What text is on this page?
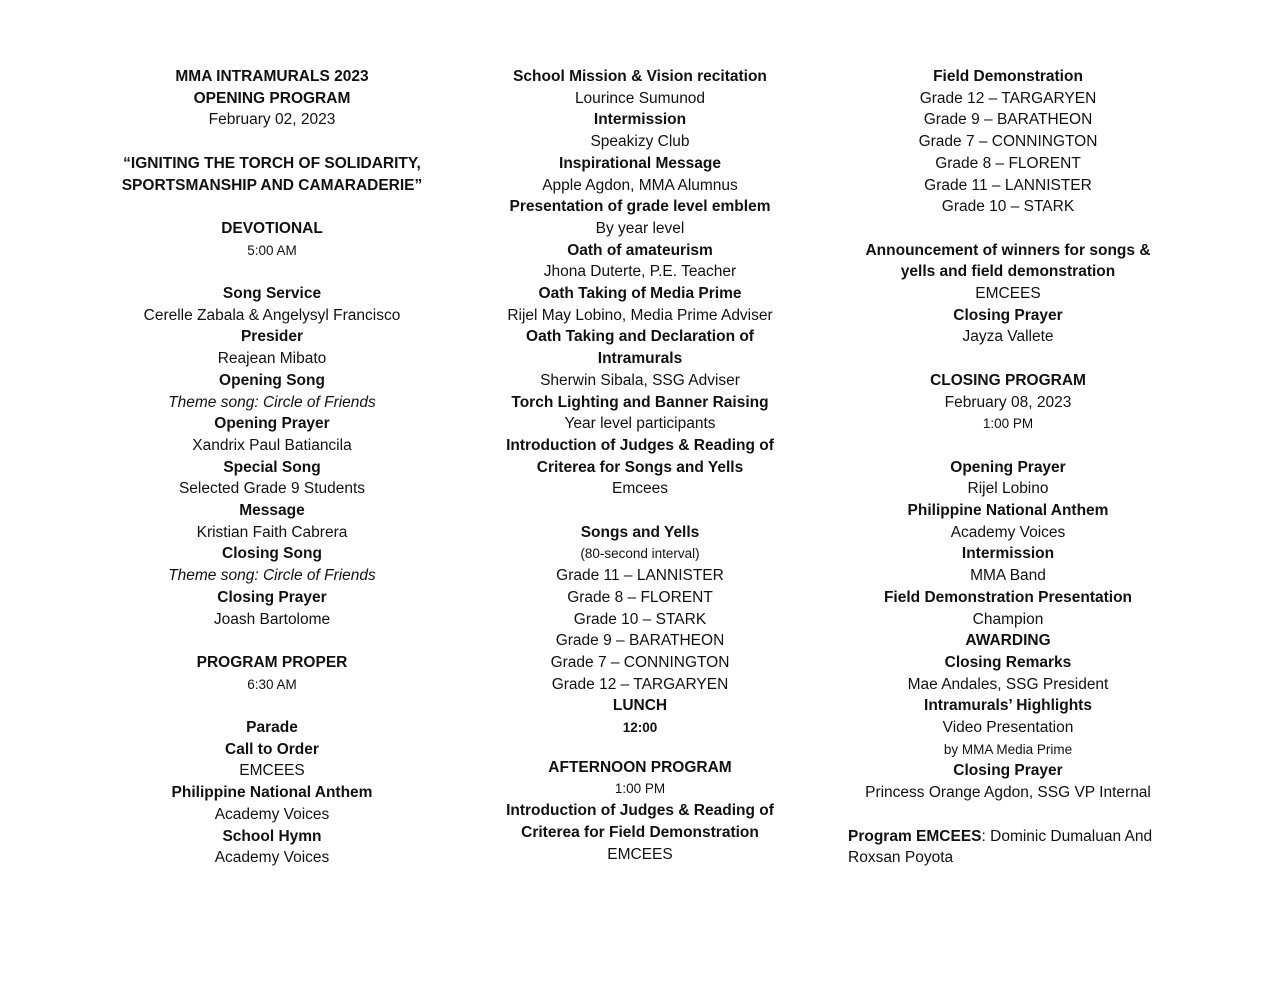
MMA INTRAMURALS 2023
OPENING PROGRAM
February 02, 2023
“IGNITING THE TORCH OF SOLIDARITY,
SPORTSMANSHIP AND CAMARADERIE”
DEVOTIONAL
5:00 AM
Song Service
Cerelle Zabala & Angelysyl Francisco
Presider
Reajean Mibato
Opening Song
Theme song: Circle of Friends
Opening Prayer
Xandrix Paul Batiancila
Special Song
Selected Grade 9 Students
Message
Kristian Faith Cabrera
Closing Song
Theme song: Circle of Friends
Closing Prayer
Joash Bartolome
PROGRAM PROPER
6:30 AM
Parade
Call to Order
EMCEES
Philippine National Anthem
Academy Voices
School Hymn
Academy Voices
School Mission & Vision recitation
Lourince Sumunod
Intermission
Speakizy Club
Inspirational Message
Apple Agdon, MMA Alumnus
Presentation of grade level emblem
By year level
Oath of amateurism
Jhona Duterte, P.E. Teacher
Oath Taking of Media Prime
Rijel May Lobino, Media Prime Adviser
Oath Taking and Declaration of
Intramurals
Sherwin Sibala, SSG Adviser
Torch Lighting and Banner Raising
Year level participants
Introduction of Judges & Reading of
Criterea for Songs and Yells
Emcees
Songs and Yells
(80-second interval)
Grade 11 – LANNISTER
Grade 8 – FLORENT
Grade 10 – STARK
Grade 9 – BARATHEON
Grade 7 – CONNINGTON
Grade 12 – TARGARYEN
LUNCH
12:00
AFTERNOON PROGRAM
1:00 PM
Introduction of Judges & Reading of
Criterea for Field Demonstration
EMCEES
Field Demonstration
Grade 12 – TARGARYEN
Grade 9 – BARATHEON
Grade 7 – CONNINGTON
Grade 8 – FLORENT
Grade 11 – LANNISTER
Grade 10 – STARK
Announcement of winners for songs &
yells and field demonstration
EMCEES
Closing Prayer
Jayza Vallete
CLOSING PROGRAM
February 08, 2023
1:00 PM
Opening Prayer
Rijel Lobino
Philippine National Anthem
Academy Voices
Intermission
MMA Band
Field Demonstration Presentation
Champion
AWARDING
Closing Remarks
Mae Andales, SSG President
Intramurals’ Highlights
Video Presentation
by MMA Media Prime
Closing Prayer
Princess Orange Agdon, SSG VP Internal
Program EMCEES: Dominic Dumaluan And Roxsan Poyota
